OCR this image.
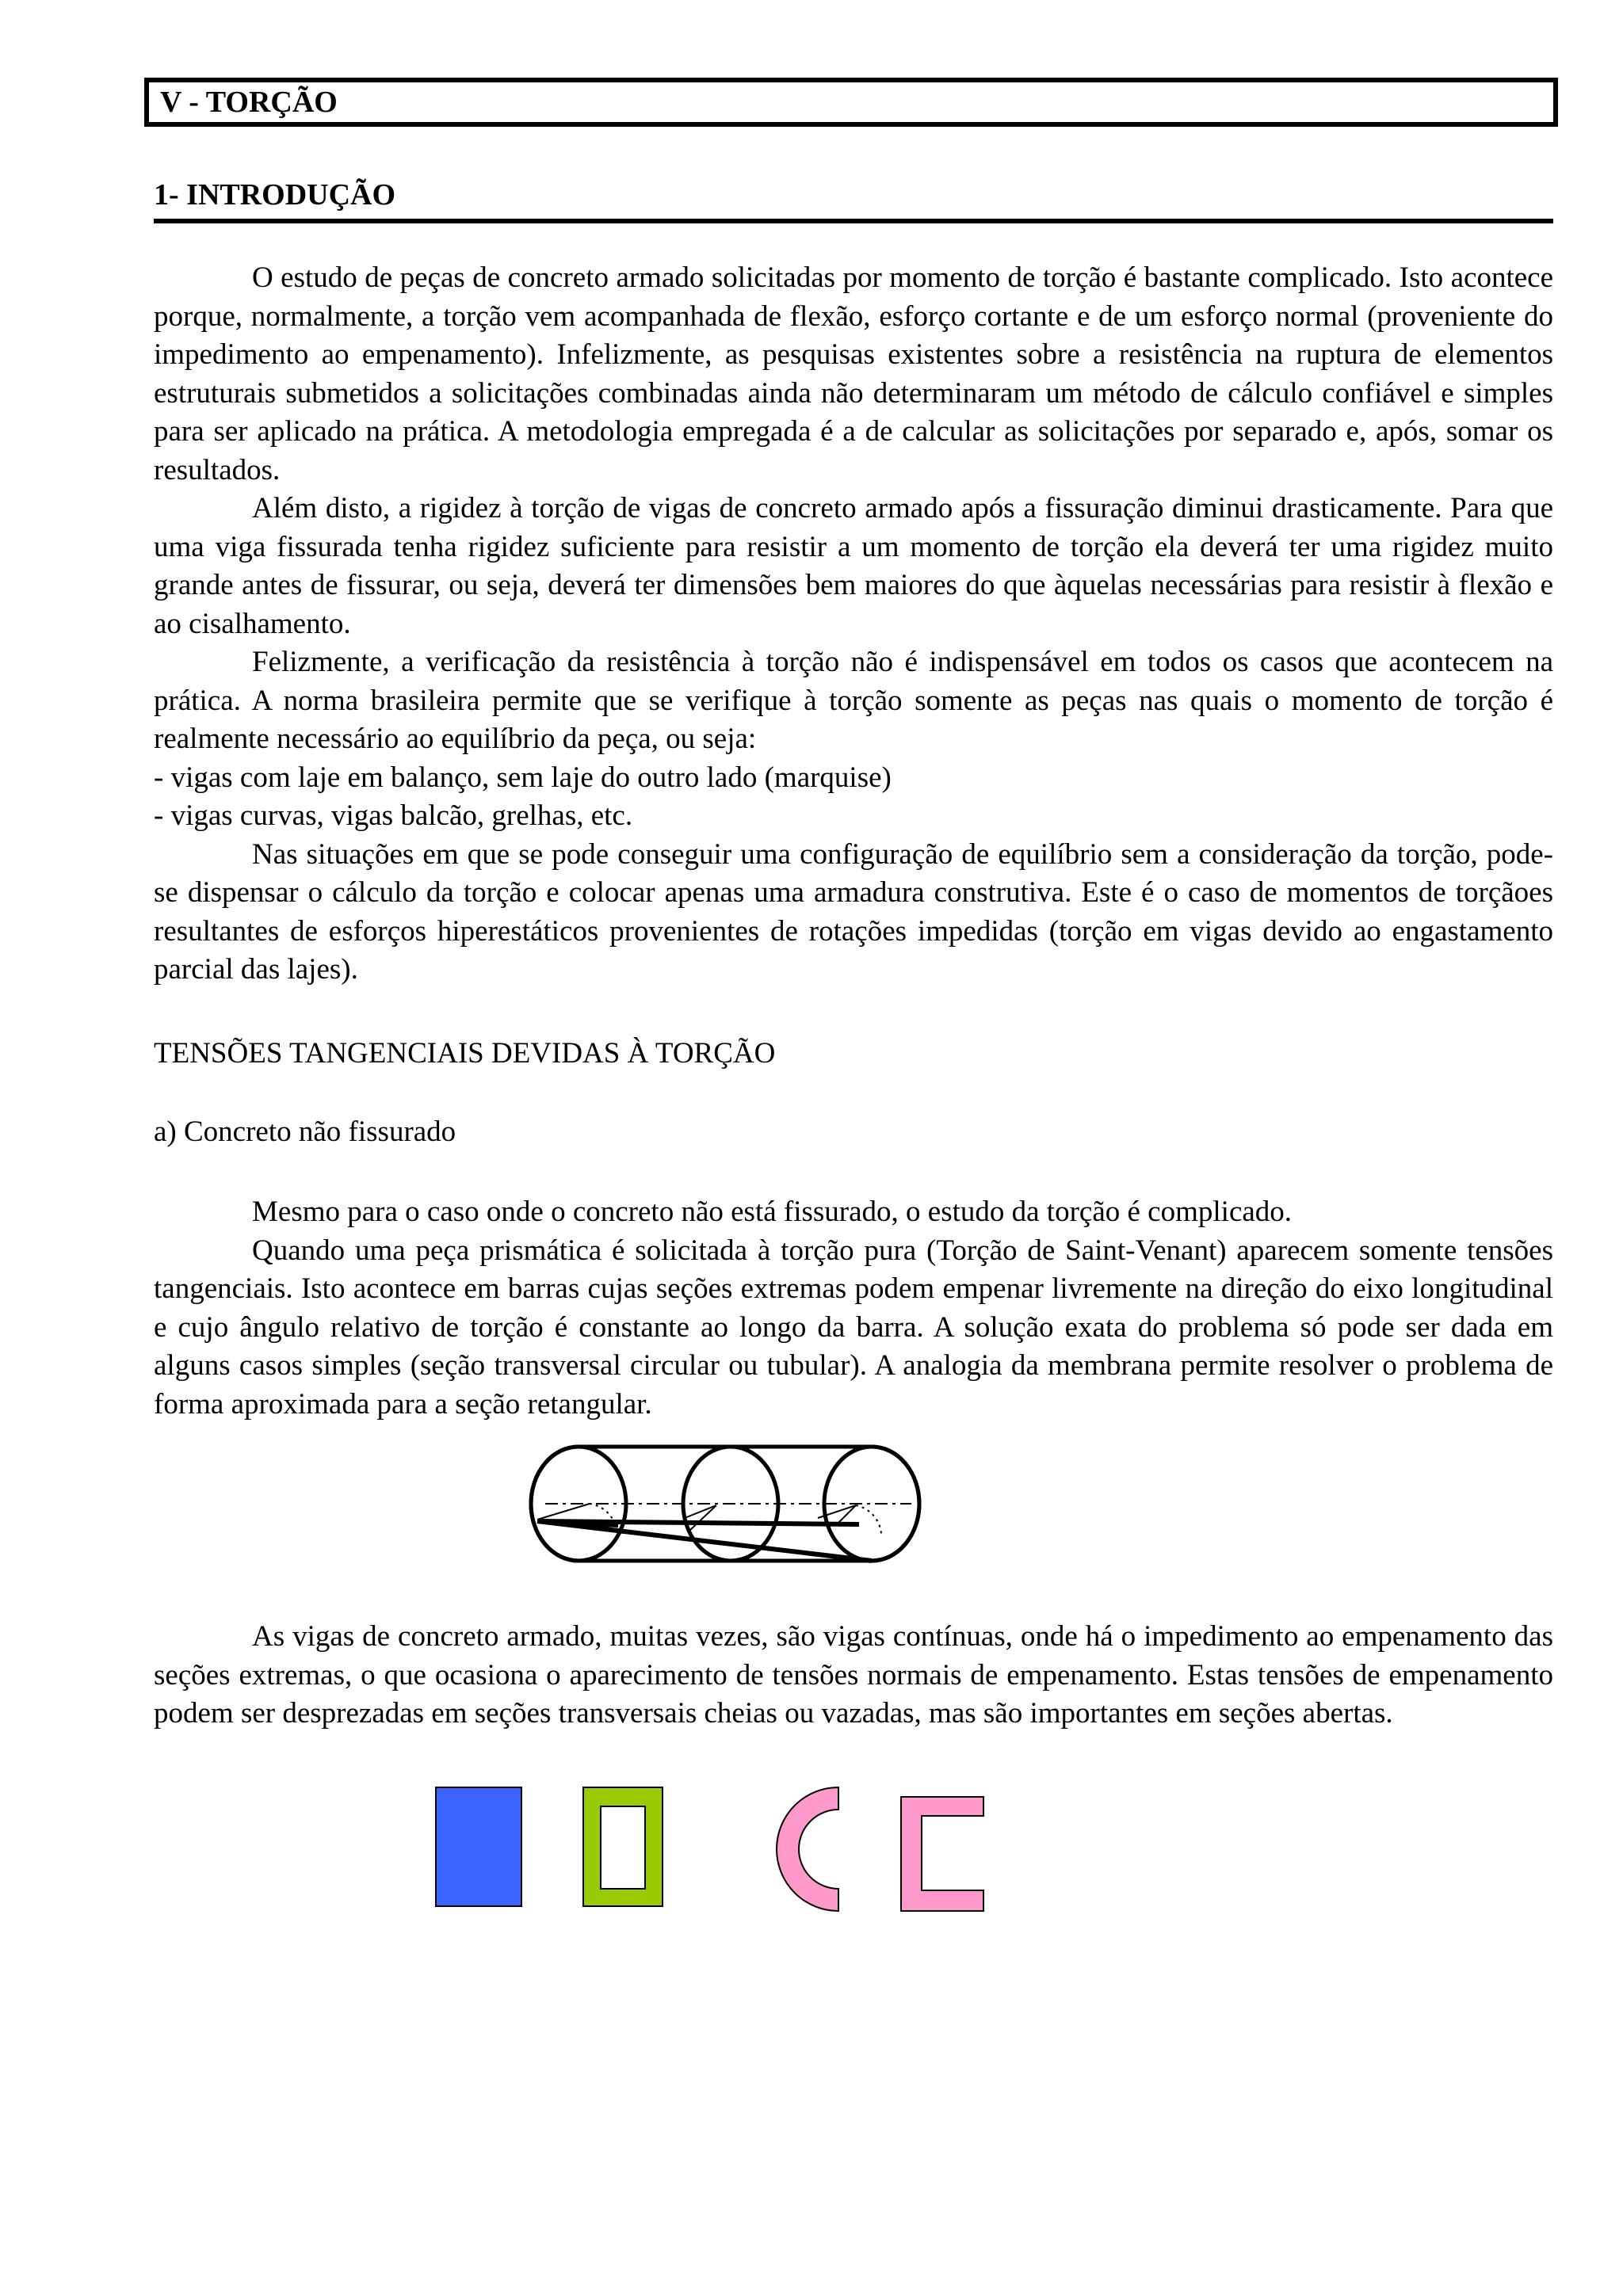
V - TORÇÃO
1- INTRODUÇÃO

O estudo de peças de concreto armado solicitadas por momento de torção é bastante complicado. Isto acontece porque, normalmente, a torção vem acompanhada de flexão, esforço cortante e de um esforço normal (proveniente do impedimento ao empenamento). Infelizmente, as pesquisas existentes sobre a resistência na ruptura de elementos estruturais submetidos a solicitações combinadas ainda não determinaram um método de cálculo confiável e simples para ser aplicado na prática. A metodologia empregada é a de calcular as solicitações por separado e, após, somar os resultados.

Além disto, a rigidez à torção de vigas de concreto armado após a fissuração diminui drasticamente. Para que uma viga fissurada tenha rigidez suficiente para resistir a um momento de torção ela deverá ter uma rigidez muito grande antes de fissurar, ou seja, deverá ter dimensões bem maiores do que àquelas necessárias para resistir à flexão e ao cisalhamento.

Felizmente, a verificação da resistência à torção não é indispensável em todos os casos que acontecem na prática. A norma brasileira permite que se verifique à torção somente as peças nas quais o momento de torção é realmente necessário ao equilíbrio da peça, ou seja:

- vigas com laje em balanço, sem laje do outro lado (marquise)

- vigas curvas, vigas balcão, grelhas, etc.

Nas situações em que se pode conseguir uma configuração de equilíbrio sem a consideração da torção, pode-se dispensar o cálculo da torção e colocar apenas uma armadura construtiva. Este é o caso de momentos de torçãoes resultantes de esforços hiperestáticos provenientes de rotações impedidas (torção em vigas devido ao engastamento parcial das lajes).

TENSÕES TANGENCIAIS DEVIDAS À TORÇÃO
a) Concreto não fissurado

Mesmo para o caso onde o concreto não está fissurado, o estudo da torção é complicado.

Quando uma peça prismática é solicitada à torção pura (Torção de Saint-Venant) aparecem somente tensões tangenciais. Isto acontece em barras cujas seções extremas podem empenar livremente na direção do eixo longitudinal e cujo ângulo relativo de torção é constante ao longo da barra. A solução exata do problema só pode ser dada em alguns casos simples (seção transversal circular ou tubular). A analogia da membrana permite resolver o problema de forma aproximada para a seção retangular.

As vigas de concreto armado, muitas vezes, são vigas contínuas, onde há o impedimento ao empenamento das seções extremas, o que ocasiona o aparecimento de tensões normais de empenamento. Estas tensões de empenamento podem ser desprezadas em seções transversais cheias ou vazadas, mas são importantes em seções abertas.
